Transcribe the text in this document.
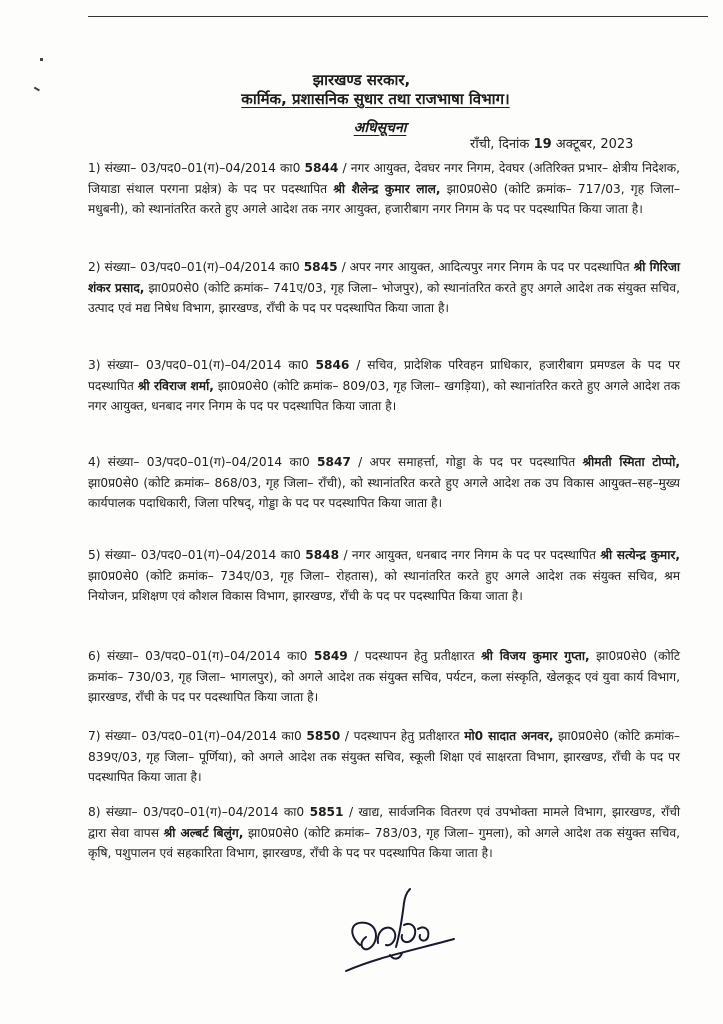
झारखण्ड सरकार,
कार्मिक, प्रशासनिक सुधार तथा राजभाषा विभाग।
अधिसूचना
राँची, दिनांक 19 अक्टूबर, 2023
1) संख्या– 03/पद0–01(ग)–04/2014 का0 5844 / नगर आयुक्त, देवघर नगर निगम, देवघर (अतिरिक्त प्रभार– क्षेत्रीय निदेशक, जियाडा संथाल परगना प्रक्षेत्र) के पद पर पदस्थापित श्री शैलेन्द्र कुमार लाल, झा0प्र0से0 (कोटि क्रमांक– 717/03, गृह जिला– मधुबनी), को स्थानांतरित करते हुए अगले आदेश तक नगर आयुक्त, हजारीबाग नगर निगम के पद पर पदस्थापित किया जाता है।
2) संख्या– 03/पद0–01(ग)–04/2014 का0 5845 / अपर नगर आयुक्त, आदित्यपुर नगर निगम के पद पर पदस्थापित श्री गिरिजा शंकर प्रसाद, झा0प्र0से0 (कोटि क्रमांक– 741ए/03, गृह जिला– भोजपुर), को स्थानांतरित करते हुए अगले आदेश तक संयुक्त सचिव, उत्पाद एवं मद्य निषेध विभाग, झारखण्ड, राँची के पद पर पदस्थापित किया जाता है।
3) संख्या– 03/पद0–01(ग)–04/2014 का0 5846 / सचिव, प्रादेशिक परिवहन प्राधिकार, हजारीबाग प्रमण्डल के पद पर पदस्थापित श्री रविराज शर्मा, झा0प्र0से0 (कोटि क्रमांक– 809/03, गृह जिला– खगड़िया), को स्थानांतरित करते हुए अगले आदेश तक नगर आयुक्त, धनबाद नगर निगम के पद पर पदस्थापित किया जाता है।
4) संख्या– 03/पद0–01(ग)–04/2014 का0 5847 / अपर समाहर्त्ता, गोड्डा के पद पर पदस्थापित श्रीमती स्मिता टोप्पो, झा0प्र0से0 (कोटि क्रमांक– 868/03, गृह जिला– राँची), को स्थानांतरित करते हुए अगले आदेश तक उप विकास आयुक्त–सह–मुख्य कार्यपालक पदाधिकारी, जिला परिषद्, गोड्डा के पद पर पदस्थापित किया जाता है।
5) संख्या– 03/पद0–01(ग)–04/2014 का0 5848 / नगर आयुक्त, धनबाद नगर निगम के पद पर पदस्थापित श्री सत्येन्द्र कुमार, झा0प्र0से0 (कोटि क्रमांक– 734ए/03, गृह जिला– रोहतास), को स्थानांतरित करते हुए अगले आदेश तक संयुक्त सचिव, श्रम नियोजन, प्रशिक्षण एवं कौशल विकास विभाग, झारखण्ड, राँची के पद पर पदस्थापित किया जाता है।
6) संख्या– 03/पद0–01(ग)–04/2014 का0 5849 / पदस्थापन हेतु प्रतीक्षारत श्री विजय कुमार गुप्ता, झा0प्र0से0 (कोटि क्रमांक– 730/03, गृह जिला– भागलपुर), को अगले आदेश तक संयुक्त सचिव, पर्यटन, कला संस्कृति, खेलकूद एवं युवा कार्य विभाग, झारखण्ड, राँची के पद पर पदस्थापित किया जाता है।
7) संख्या– 03/पद0–01(ग)–04/2014 का0 5850 / पदस्थापन हेतु प्रतीक्षारत मो0 सादात अनवर, झा0प्र0से0 (कोटि क्रमांक– 839ए/03, गृह जिला– पूर्णिया), को अगले आदेश तक संयुक्त सचिव, स्कूली शिक्षा एवं साक्षरता विभाग, झारखण्ड, राँची के पद पर पदस्थापित किया जाता है।
8) संख्या– 03/पद0–01(ग)–04/2014 का0 5851 / खाद्य, सार्वजनिक वितरण एवं उपभोक्ता मामले विभाग, झारखण्ड, राँची द्वारा सेवा वापस श्री अल्बर्ट बिलुंग, झा0प्र0से0 (कोटि क्रमांक– 783/03, गृह जिला– गुमला), को अगले आदेश तक संयुक्त सचिव, कृषि, पशुपालन एवं सहकारिता विभाग, झारखण्ड, राँची के पद पर पदस्थापित किया जाता है।
